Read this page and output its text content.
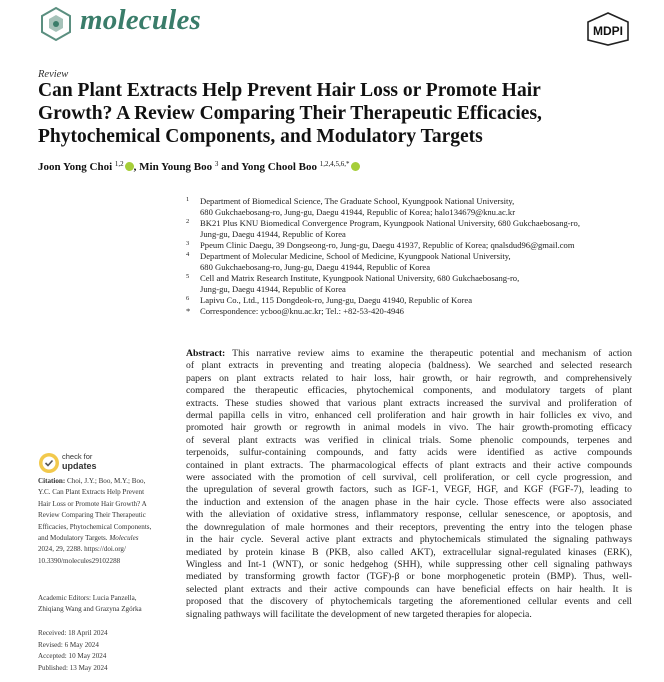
molecules	MDPI
Review
Can Plant Extracts Help Prevent Hair Loss or Promote Hair
Growth? A Review Comparing Their Therapeutic Efficacies,
Phytochemical Components, and Modulatory Targets
Joon Yong Choi $^{1,2}$ , Min Young Boo $^3$ and Yong Chool Boo $^{1,2,4,5,6,*}$
1 Department of Biomedical Science, The Graduate School, Kyungpook National University,
680 Gukchaebosang-ro, Jung-gu, Daegu 41944, Republic of Korea; halo134679@knu.ac.kr
2 BK21 Plus KNU Biomedical Convergence Program, Kyungpook National University, 680 Gukchaebosang-ro,
Jung-gu, Daegu 41944, Republic of Korea
3 Ppeum Clinic Daegu, 39 Dongseong-ro, Jung-gu, Daegu 41937, Republic of Korea; qnalsdud96@gmail.com
4 Department of Molecular Medicine, School of Medicine, Kyungpook National University,
680 Gukchaebosang-ro, Jung-gu, Daegu 41944, Republic of Korea
5 Cell and Matrix Research Institute, Kyungpook National University, 680 Gukchaebosang-ro,
Jung-gu, Daegu 41944, Republic of Korea
6 Lapivu Co., Ltd., 115 Dongdeok-ro, Jung-gu, Daegu 41940, Republic of Korea
* Correspondence: ycboo@knu.ac.kr; Tel.: +82-53-420-4946
Abstract: This narrative review aims to examine the therapeutic potential and mechanism of action
of plant extracts in preventing and treating alopecia (baldness). We searched and selected research
papers on plant extracts related to hair loss, hair growth, or hair regrowth, and comprehensively
compared the therapeutic efficacies, phytochemical components, and modulatory targets of plant
extracts. These studies showed that various plant extracts increased the survival and proliferation of
dermal papilla cells in vitro, enhanced cell proliferation and hair growth in hair follicles ex vivo, and
promoted hair growth or regrowth in animal models in vivo. The hair growth-promoting efficacy
of several plant extracts was verified in clinical trials. Some phenolic compounds, terpenes and
terpenoids, sulfur-containing compounds, and fatty acids were identified as active compounds
contained in plant extracts. The pharmacological effects of plant extracts and their active compounds
were associated with the promotion of cell survival, cell proliferation, or cell cycle progression, and
the upregulation of several growth factors, such as IGF-1, VEGF, HGF, and KGF (FGF-7), leading to
the induction and extension of the anagen phase in the hair cycle. Those effects were also associated
with the alleviation of oxidative stress, inflammatory response, cellular senescence, or apoptosis, and
the downregulation of male hormones and their receptors, preventing the entry into the telogen phase
in the hair cycle. Several active plant extracts and phytochemicals stimulated the signaling pathways
mediated by protein kinase B (PKB, also called AKT), extracellular signal-regulated kinases (ERK),
Wingless and Int-1 (WNT), or sonic hedgehog (SHH), while suppressing other cell signaling pathways
mediated by transforming growth factor (TGF)-β or bone morphogenetic protein (BMP). Thus, well-
selected plant extracts and their active compounds can have beneficial effects on hair health. It is
proposed that the discovery of phytochemicals targeting the aforementioned cellular events and cell
signaling pathways will facilitate the development of new targeted therapies for alopecia.
check for
updates
Citation: Choi, J.Y.; Boo, M.Y.; Boo,
Y.C. Can Plant Extracts Help Prevent
Hair Loss or Promote Hair Growth? A
Review Comparing Their Therapeutic
Efficacies, Phytochemical Components,
and Modulatory Targets. Molecules
2024, 29, 2288. https://doi.org/
10.3390/molecules29102288
Academic Editors: Lucia Panzella,
Zhiqiang Wang and Grazyna Zgórka
Received: 18 April 2024
Revised: 6 May 2024
Accepted: 10 May 2024
Published: 13 May 2024
